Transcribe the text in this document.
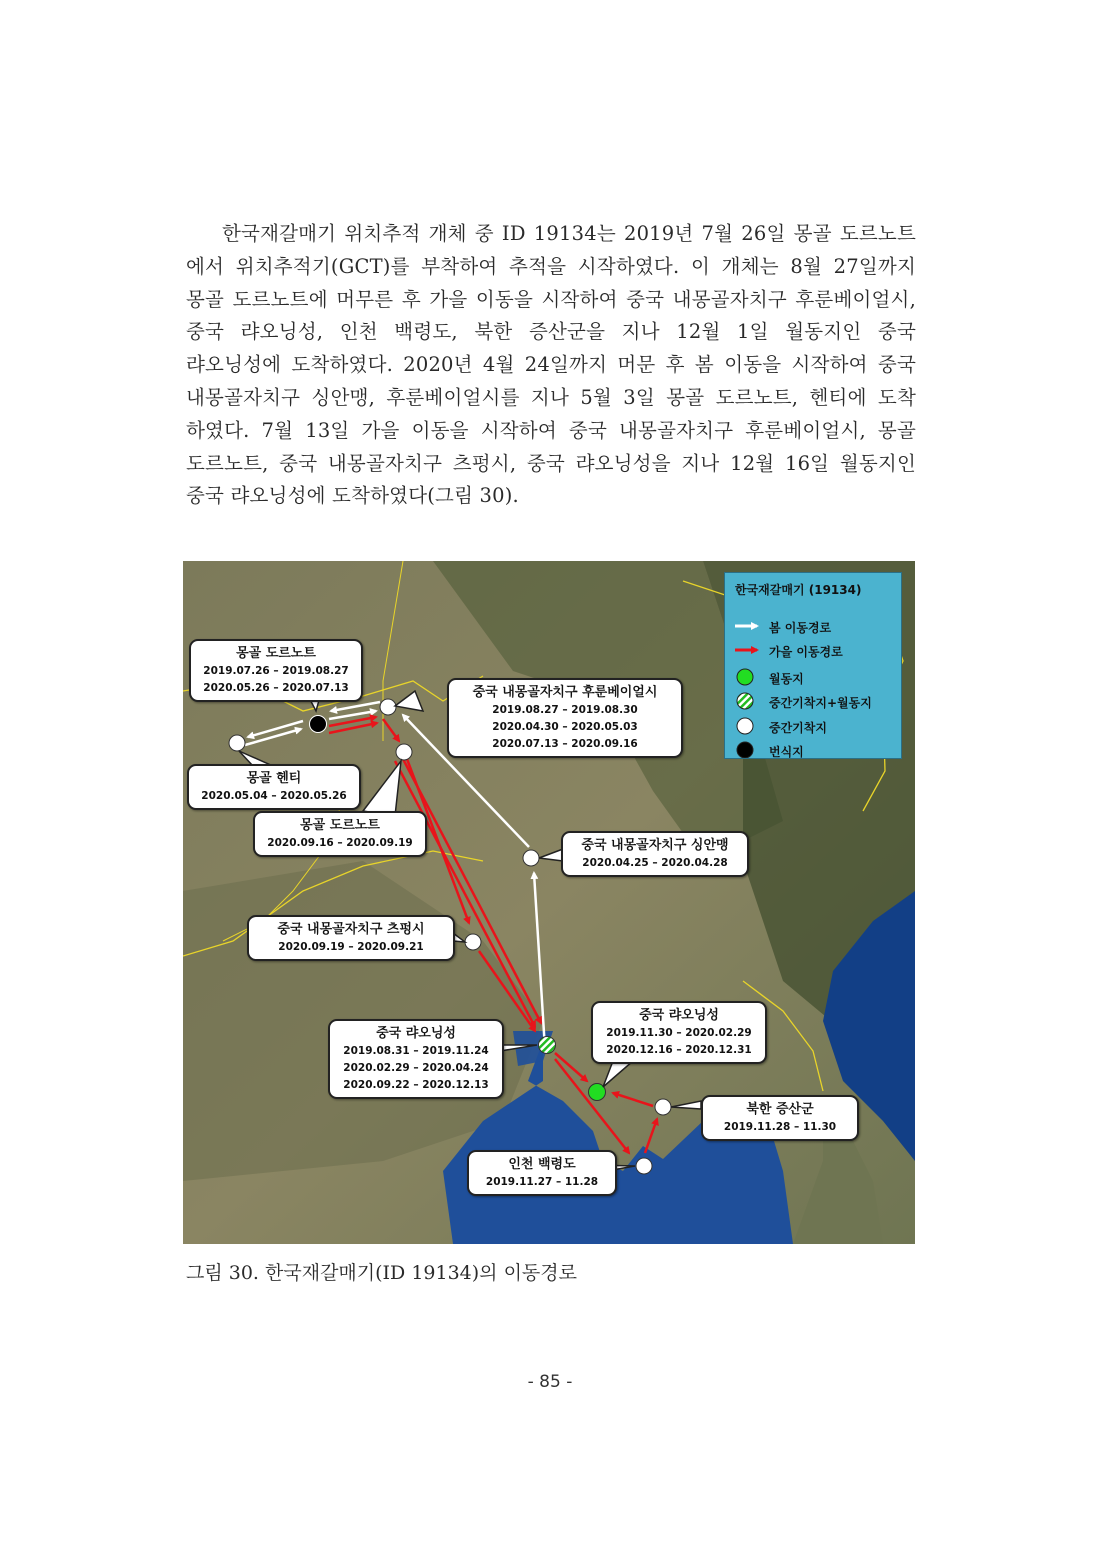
한국재갈매기 위치추적 개체 중 ID 19134는 2019년 7월 26일 몽골 도르노트
에서 위치추적기(GCT)를 부착하여 추적을 시작하였다. 이 개체는 8월 27일까지
몽골 도르노트에 머무른 후 가을 이동을 시작하여 중국 내몽골자치구 후룬베이얼시,
중국 랴오닝성, 인천 백령도, 북한 증산군을 지나 12월 1일 월동지인 중국
랴오닝성에 도착하였다. 2020년 4월 24일까지 머문 후 봄 이동을 시작하여 중국
내몽골자치구 싱안맹, 후룬베이얼시를 지나 5월 3일 몽골 도르노트, 헨티에 도착
하였다. 7월 13일 가을 이동을 시작하여 중국 내몽골자치구 후룬베이얼시, 몽골
도르노트, 중국 내몽골자치구 츠펑시, 중국 랴오닝성을 지나 12월 16일 월동지인
중국 랴오닝성에 도착하였다(그림 30).

몽골 도르노트
2019.07.26 – 2019.08.27
2020.05.26 – 2020.07.13	중국 내몽골자치구 후룬베이얼시
2019.08.27 – 2019.08.30
2020.04.30 – 2020.05.03
2020.07.13 – 2020.09.16
몽골 헨티
2020.05.04 – 2020.05.26
몽골 도르노트
2020.09.16 – 2020.09.19	중국 내몽골자치구 싱안맹
2020.04.25 – 2020.04.28
중국 내몽골자치구 츠펑시
2020.09.19 – 2020.09.21
중국 랴오닝성
2019.11.30 – 2020.02.29
2020.12.16 – 2020.12.31
중국 랴오닝성
2019.08.31 – 2019.11.24
2020.02.29 – 2020.04.24
2020.09.22 – 2020.12.13
북한 증산군
2019.11.28 – 11.30
인천 백령도
2019.11.27 – 11.28
한국재갈매기 (19134)
봄 이동경로
가을 이동경로
월동지
중간기착지+월동지
중간기착지
번식지
그림 30. 한국재갈매기(ID 19134)의 이동경로
- 85 -
